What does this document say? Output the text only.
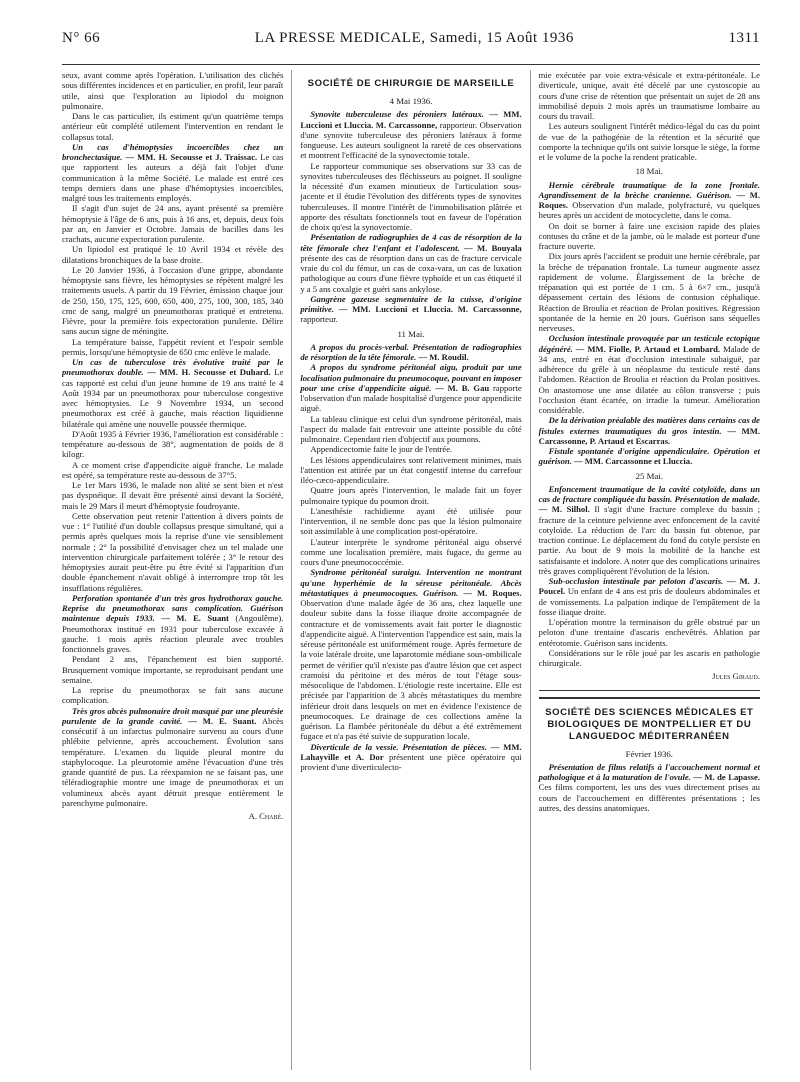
N° 66	LA PRESSE MEDICALE, Samedi, 15 Août 1936	1311

seux, avant comme après l'opération. L'utilisation des clichés sous différentes incidences et en particulier, en profil, leur paraît utile, ainsi que l'exploration au lipiodol du moignon pulmonaire.

Dans le cas particulier, ils estiment qu'un quatrième temps antérieur eût complété utilement l'intervention en rendant le collapsus total.

Un cas d'hémoptysies incoercibles chez un bronchectasique. — MM. H. Secousse et J. Traissac. Le cas que rapportent les auteurs a déjà fait l'objet d'une communication à la même Société. Le malade est entré ces temps derniers dans une phase d'hémoptysies incoercibles, malgré tous les traitements employés.

Il s'agit d'un sujet de 24 ans, ayant présenté sa première hémoptysie à l'âge de 6 ans, puis à 16 ans, et, depuis, deux fois par an, en Janvier et Octobre. Jamais de bacilles dans les crachats, aucune expectoration purulente.

Un lipiodol est pratiqué le 10 Avril 1934 et révèle des dilatations bronchiques de la base droite.

Le 20 Janvier 1936, à l'occasion d'une grippe, abondante hémoptysie sans fièvre, les hémoptysies se répètent malgré les traitements usuels. A partir du 19 Février, émission chaque jour de 250, 150, 175, 125, 600, 650, 400, 275, 100, 300, 185, 340 cmc de sang, malgré un pneumothorax pratiqué et entretenu. Fièvre, pour la première fois expectoration purulente. Délire sans aucun signe de méningite.

La température baisse, l'appétit revient et l'espoir semble permis, lorsqu'une hémoptysie de 650 cmc enlève le malade.

Un cas de tuberculose très évolutive traité par le pneumothorax double. — MM. H. Secousse et Duhard. Le cas rapporté est celui d'un jeune homme de 19 ans traité le 4 Août 1934 par un pneumothorax pour tuberculose congestive avec hémoptysies. Le 9 Novembre 1934, un second pneumothorax est créé à gauche, mais réaction liquidienne bilatérale qui amène une nouvelle poussée thermique.

D'Août 1935 à Février 1936, l'amélioration est considérable : température au-dessous de 38°, augmentation de poids de 8 kilogr.

A ce moment crise d'appendicite aiguë franche. Le malade est opéré, sa température reste au-dessous de 37°5.

Le 1er Mars 1936, le malade non alité se sent bien et n'est pas dyspnéique. Il devait être présenté ainsi devant la Société, mais le 29 Mars il meurt d'hémoptysie foudroyante.

Cette observation peut retenir l'attention à divers points de vue : 1° l'utilité d'un double collapsus presque simultané, qui a permis après quelques mois la reprise d'une vie sensiblement normale ; 2° la possibilité d'envisager chez un tel malade une intervention chirurgicale parfaitement tolérée ; 3° le retour des hémoptysies aurait peut-être pu être évité si l'apparition d'un double épanchement n'avait obligé à interrompre trop tôt les insufflations régulières.

Perforation spontanée d'un très gros hydrothorax gauche. Reprise du pneumothorax sans complication. Guérison maintenue depuis 1933. — M. E. Suant (Angoulême). Pneumothorax institué en 1931 pour tuberculose excavée à gauche. 1 mois après réaction pleurale avec troubles fonctionnels graves.

Pendant 2 ans, l'épanchement est bien supporté. Brusquement vomique importante, se reproduisant pendant une semaine.

La reprise du pneumothorax se fait sans aucune complication.

Très gros abcès pulmonaire droit masqué par une pleurésie purulente de la grande cavité. — M. E. Suant. Abcès consécutif à un infarctus pulmonaire survenu au cours d'une phlébite pelvienne, après accouchement. Évolution sans température. L'examen du liquide pleural montre du staphylocoque. La pleurotomie amène l'évacuation d'une très grande quantité de pus. La réexpansion ne se faisant pas, une téléradiographie montre une image de pneumothorax et un volumineux abcès ayant détruit presque entièrement le parenchyme pulmonaire.

A. Chabé.
SOCIÉTÉ DE CHIRURGIE DE MARSEILLE
4 Mai 1936.

Synovite tuberculeuse des péroniers latéraux. — MM. Luccioni et Lluccia. M. Carcassonne, rapporteur. Observation d'une synovite tuberculeuse des péroniers latéraux à forme fongueuse. Les auteurs soulignent la rareté de ces observations et montrent l'efficacité de la synovectomie totale.

Le rapporteur communique ses observations sur 33 cas de synovites tuberculeuses des fléchisseurs au poignet. Il souligne la nécessité d'un examen minutieux de l'articulation sous-jacente et il étudie l'évolution des différents types de synovites tuberculeuses. Il montre l'intérêt de l'immobilisation plâtrée et apporte des résultats fonctionnels tout en faveur de l'opération de choix qu'est la synovectomie.

Présentation de radiographies de 4 cas de résorption de la tête fémorale chez l'enfant et l'adolescent. — M. Bouyala présente des cas de résorption dans un cas de fracture cervicale vraie du col du fémur, un cas de coxa-vara, un cas de luxation pathologique au cours d'une fièvre typhoïde et un cas étiqueté il y a 5 ans coxalgie et guéri sans ankylose.

Gangrène gazeuse segmentaire de la cuisse, d'origine primitive. — MM. Luccioni et Lluccia. M. Carcassonne, rapporteur.

11 Mai.

A propos du procès-verbal. Présentation de radiographies de résorption de la tête fémorale. — M. Roudil.

A propos du syndrome péritonéal aigu, produit par une localisation pulmonaire du pneumocoque, pouvant en imposer pour une crise d'appendicite aiguë. — M. B. Gau rapporte l'observation d'un malade hospitalisé d'urgence pour appendicite aiguë.

La tableau clinique est celui d'un syndrome péritonéal, mais l'aspect du malade fait entrevoir une atteinte possible du côté pulmonaire. Cependant rien d'objectif aux poumons.

Appendicectomie faite le jour de l'entrée.

Les lésions appendiculaires sont relativement minimes, mais l'attention est attirée par un état congestif intense du carrefour iléo-cæco-appendiculaire.

Quatre jours après l'intervention, le malade fait un foyer pulmonaire typique du poumon droit.

L'anesthésie rachidienne ayant été utilisée pour l'intervention, il ne semble donc pas que la lésion pulmonaire soit assimilable à une complication post-opératoire.

L'auteur interprète le syndrome péritonéal aigu observé comme une localisation première, mais fugace, du germe au cours d'une pneumococcémie.

Syndrome péritonéal suraigu. Intervention ne montrant qu'une hyperhémie de la séreuse péritonéale. Abcès métastatiques à pneumocoques. Guérison. — M. Roques. Observation d'une malade âgée de 36 ans, chez laquelle une douleur subite dans la fosse iliaque droite accompagnée de contracture et de vomissements avait fait porter le diagnostic d'appendicite aiguë. A l'intervention l'appendice est sain, mais la séreuse péritonéale est uniformément rouge. Après fermeture de la voie latérale droite, une laparotomie médiane sous-ombilicale permet de vérifier qu'il n'existe pas d'autre lésion que cet aspect cramoisi du péritoine et des méros de tout l'étage sous-mésocolique de l'abdomen. L'étiologie reste incertaine. Elle est précisée par l'apparition de 3 abcès métastatiques du membre inférieur droit dans lesquels on met en évidence l'existence de pneumocoques. Le drainage de ces collections amène la guérison. La flambée péritonéale du début a été extrêmement fugace et n'a pas été suivie de suppuration locale.

Diverticule de la vessie. Présentation de pièces. — MM. Lahayville et A. Dor présentent une pièce opératoire qui provient d'une diverticulecto-

mie exécutée par voie extra-vésicale et extra-péritonéale. Le diverticule, unique, avait été décelé par une cystoscopie au cours d'une crise de rétention que présentait un sujet de 28 ans immobilisé depuis 2 mois après un traumatisme lombaire au cours du travail.

Les auteurs soulignent l'intérêt médico-légal du cas du point de vue de la pathogénie de la rétention et la sécurité que comporte la technique qu'ils ont suivie lorsque le siège, la forme et le volume de la poche la rendent praticable.

18 Mai.

Hernie cérébrale traumatique de la zone frontale. Agrandissement de la brèche cranienne. Guérison. — M. Roques. Observation d'un malade, polyfracturé, vu quelques heures après un accident de motocyclette, dans le coma.

On doit se borner à faire une excision rapide des plaies contuses du crâne et de la jambe, où le malade est porteur d'une fracture ouverte.

Dix jours après l'accident se produit une hernie cérébrale, par la brèche de trépanation frontale. La tumeur augmente assez rapidement de volume. Élargissement de la brèche de trépanation qui est portée de 1 cm. 5 à 6×7 cm., jusqu'à dépassement certain des lésions de contusion céphalique. Réaction de Broulia et réaction de Prolan positives. Régression spontanée de la hernie en 20 jours. Guérison sans séquelles nerveuses.

Occlusion intestinale provoquée par un testicule ectopique dégénéré. — MM. Fiolle, P. Artaud et Lombard. Malade de 34 ans, entré en état d'occlusion intestinale subaiguë, par adhérence du grêle à un néoplasme du testicule resté dans l'abdomen. Réaction de Broulia et réaction du Prolan positives. On anastomose une anse dilatée au côlon transverse ; puis l'occlusion étant écartée, on irradie la tumeur. Amélioration considérable.

De la dérivation préalable des matières dans certains cas de fistules externes traumatiques du gros intestin. — MM. Carcassonne, P. Artaud et Escarras.

Fistule spontanée d'origine appendiculaire. Opération et guérison. — MM. Carcassonne et Lluccia.

25 Mai.

Enfoncement traumatique de la cavité cotyloïde, dans un cas de fracture compliquée du bassin. Présentation de malade. — M. Silhol. Il s'agit d'une fracture complexe du bassin ; fracture de la ceinture pelvienne avec enfoncement de la cavité cotyloïde. La réduction de l'arc du bassin fut obtenue, par traction continue. Le déplacement du fond du cotyle persiste en partie. Au bout de 9 mois la mobilité de la hanche est satisfaisante et indolore. A noter que des complications urinaires très graves compliquèrent l'évolution de la lésion.

Sub-occlusion intestinale par peloton d'ascaris. — M. J. Poucel. Un enfant de 4 ans est pris de douleurs abdominales et de vomissements. La palpation indique de l'empâtement de la fosse iliaque droite.

L'opération montre la terminaison du grêle obstrué par un peloton d'une trentaine d'ascaris enchevêtrés. Ablation par entérotomie. Guérison sans incidents.

Considérations sur le rôle joué par les ascaris en pathologie chirurgicale.

Jules Giraud.
SOCIÉTÉ DES SCIENCES MÉDICALES ET BIOLOGIQUES DE MONTPELLIER ET DU LANGUEDOC MÉDITERRANÉEN
Février 1936.

Présentation de films relatifs à l'accouchement normal et pathologique et à la maturation de l'ovule. — M. de Lapasse. Ces films comportent, les uns des vues directement prises au cours de l'accouchement en différentes présentations ; les autres, des dessins anatomiques.
